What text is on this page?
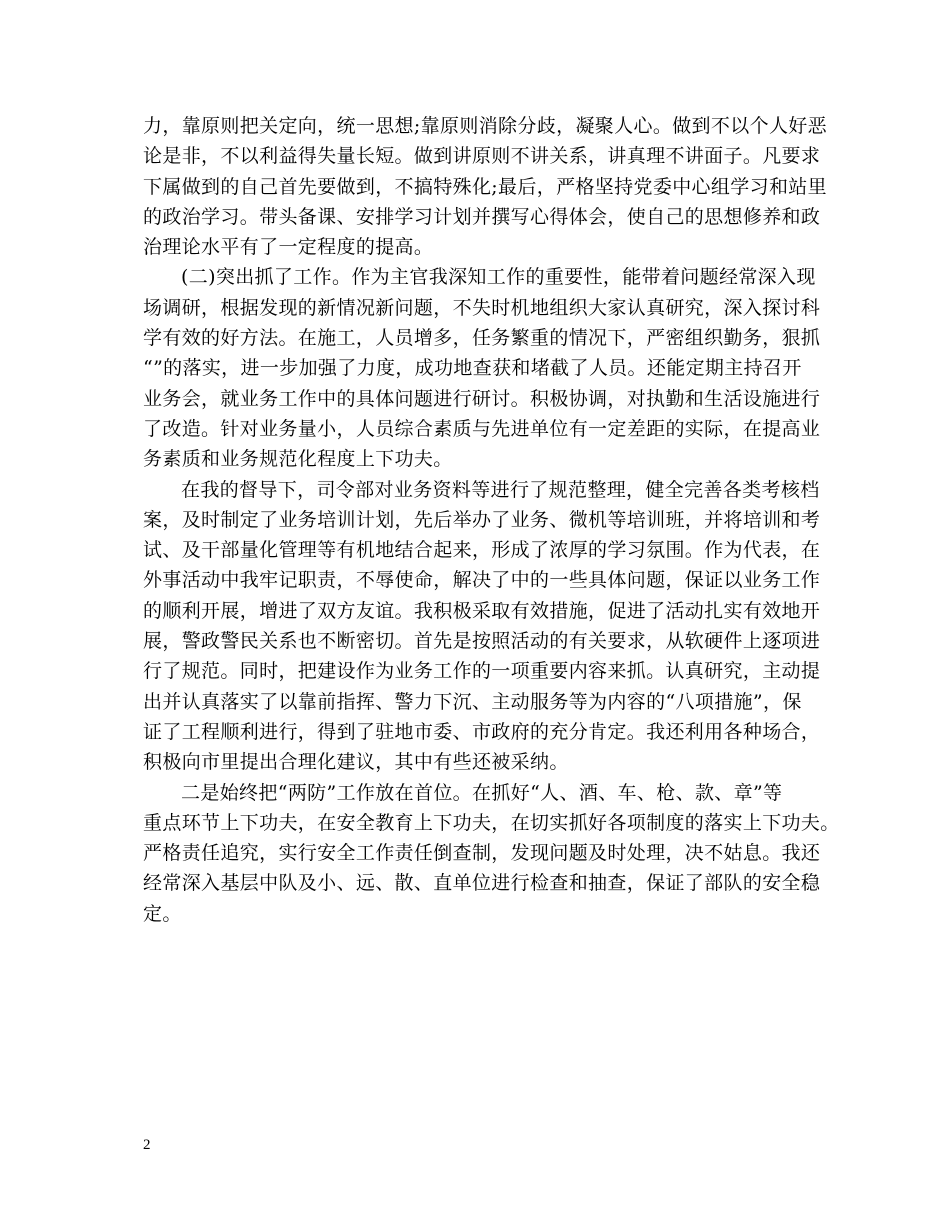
力，靠原则把关定向，统一思想;靠原则消除分歧，凝聚人心。做到不以个人好恶
论是非，不以利益得失量长短。做到讲原则不讲关系，讲真理不讲面子。凡要求
下属做到的自己首先要做到，不搞特殊化;最后，严格坚持党委中心组学习和站里
的政治学习。带头备课、安排学习计划并撰写心得体会，使自己的思想修养和政
治理论水平有了一定程度的提高。
(二)突出抓了工作。作为主官我深知工作的重要性，能带着问题经常深入现
场调研，根据发现的新情况新问题，不失时机地组织大家认真研究，深入探讨科
学有效的好方法。在施工，人员增多，任务繁重的情况下，严密组织勤务，狠抓
“”的落实，进一步加强了力度，成功地查获和堵截了人员。还能定期主持召开
业务会，就业务工作中的具体问题进行研讨。积极协调，对执勤和生活设施进行
了改造。针对业务量小，人员综合素质与先进单位有一定差距的实际，在提高业
务素质和业务规范化程度上下功夫。
在我的督导下，司令部对业务资料等进行了规范整理，健全完善各类考核档
案，及时制定了业务培训计划，先后举办了业务、微机等培训班，并将培训和考
试、及干部量化管理等有机地结合起来，形成了浓厚的学习氛围。作为代表，在
外事活动中我牢记职责，不辱使命，解决了中的一些具体问题，保证以业务工作
的顺利开展，增进了双方友谊。我积极采取有效措施，促进了活动扎实有效地开
展，警政警民关系也不断密切。首先是按照活动的有关要求，从软硬件上逐项进
行了规范。同时，把建设作为业务工作的一项重要内容来抓。认真研究，主动提
出并认真落实了以靠前指挥、警力下沉、主动服务等为内容的“八项措施”，保
证了工程顺利进行，得到了驻地市委、市政府的充分肯定。我还利用各种场合，
积极向市里提出合理化建议，其中有些还被采纳。
二是始终把“两防”工作放在首位。在抓好“人、酒、车、枪、款、章”等
重点环节上下功夫，在安全教育上下功夫，在切实抓好各项制度的落实上下功夫。
严格责任追究，实行安全工作责任倒查制，发现问题及时处理，决不姑息。我还
经常深入基层中队及小、远、散、直单位进行检查和抽查，保证了部队的安全稳
定。
2
